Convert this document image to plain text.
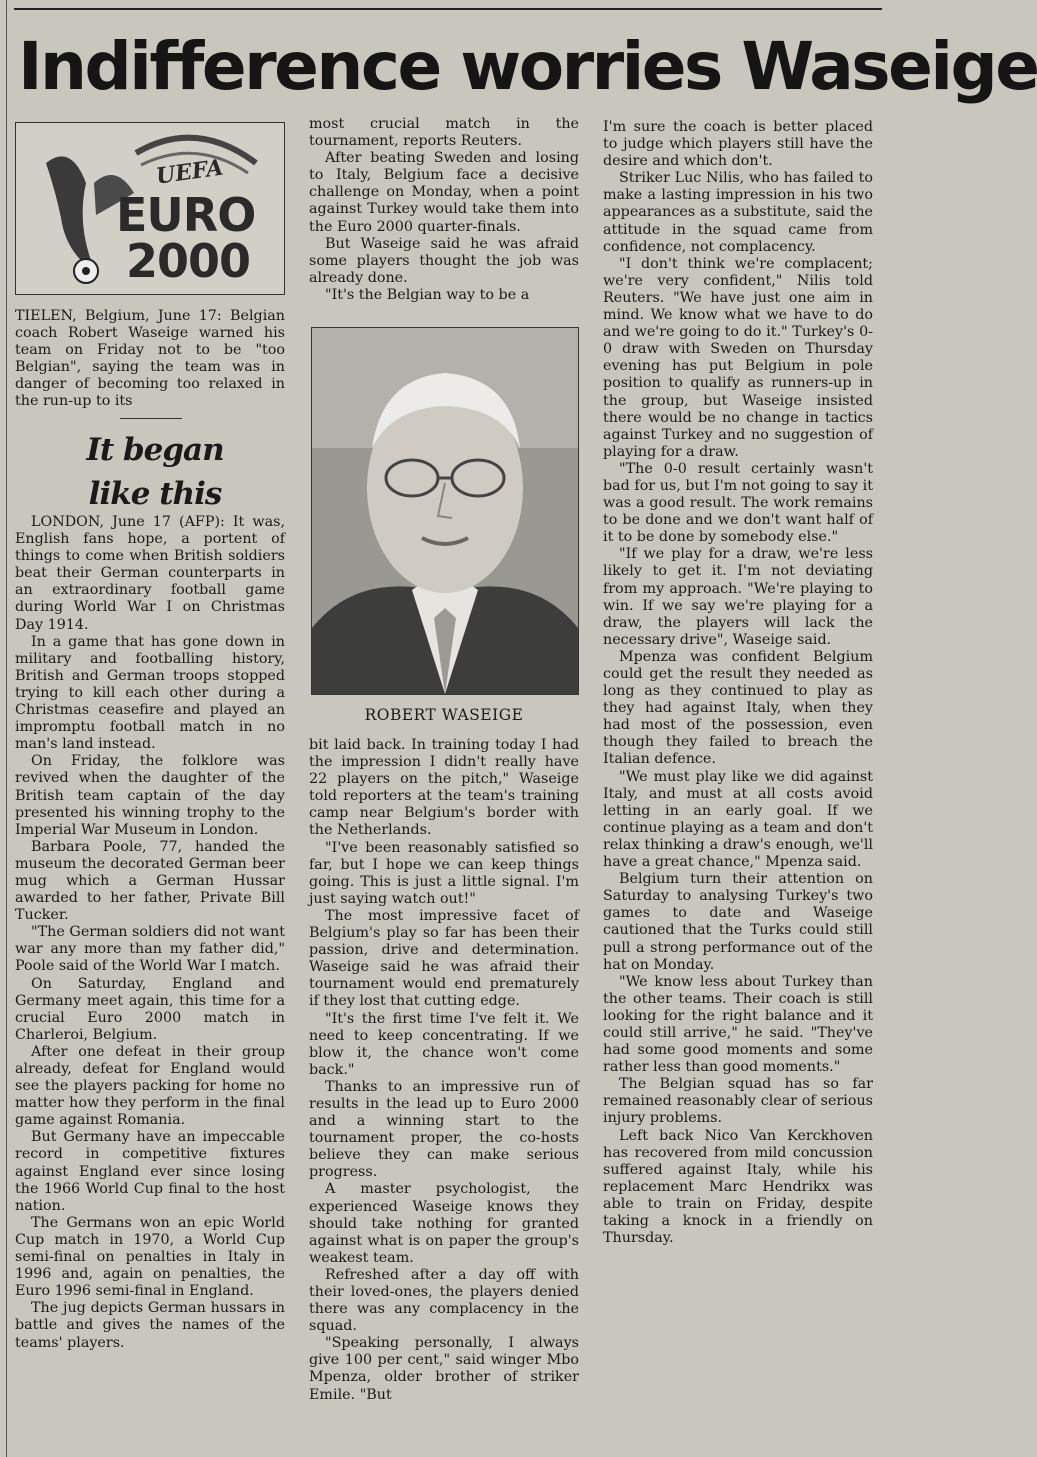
Indifference worries Waseige
UEFA
EURO
2000

TIELEN, Belgium, June 17: Belgian coach Robert Waseige warned his team on Friday not to be "too Belgian", saying the team was in danger of becoming too relaxed in the run-up to its

It began
like this

LONDON, June 17 (AFP): It was, English fans hope, a portent of things to come when British soldiers beat their German counterparts in an extraordinary football game during World War I on Christmas Day 1914.

In a game that has gone down in military and footballing history, British and German troops stopped trying to kill each other during a Christmas ceasefire and played an impromptu football match in no man's land instead.

On Friday, the folklore was revived when the daughter of the British team captain of the day presented his winning trophy to the Imperial War Museum in London.

Barbara Poole, 77, handed the museum the decorated German beer mug which a German Hussar awarded to her father, Private Bill Tucker.

"The German soldiers did not want war any more than my father did," Poole said of the World War I match.

On Saturday, England and Germany meet again, this time for a crucial Euro 2000 match in Charleroi, Belgium.

After one defeat in their group already, defeat for England would see the players packing for home no matter how they perform in the final game against Romania.

But Germany have an impeccable record in competitive fixtures against England ever since losing the 1966 World Cup final to the host nation.

The Germans won an epic World Cup match in 1970, a World Cup semi-final on penalties in Italy in 1996 and, again on penalties, the Euro 1996 semi-final in England.

The jug depicts German hussars in battle and gives the names of the teams' players.

most crucial match in the tournament, reports Reuters.

After beating Sweden and losing to Italy, Belgium face a decisive challenge on Monday, when a point against Turkey would take them into the Euro 2000 quarter-finals.

But Waseige said he was afraid some players thought the job was already done.

"It's the Belgian way to be a

ROBERT WASEIGE

bit laid back. In training today I had the impression I didn't really have 22 players on the pitch," Waseige told reporters at the team's training camp near Belgium's border with the Netherlands.

"I've been reasonably satisfied so far, but I hope we can keep things going. This is just a little signal. I'm just saying watch out!"

The most impressive facet of Belgium's play so far has been their passion, drive and determination. Waseige said he was afraid their tournament would end prematurely if they lost that cutting edge.

"It's the first time I've felt it. We need to keep concentrating. If we blow it, the chance won't come back."

Thanks to an impressive run of results in the lead up to Euro 2000 and a winning start to the tournament proper, the co-hosts believe they can make serious progress.

A master psychologist, the experienced Waseige knows they should take nothing for granted against what is on paper the group's weakest team.

Refreshed after a day off with their loved-ones, the players denied there was any complacency in the squad.

"Speaking personally, I always give 100 per cent," said winger Mbo Mpenza, older brother of striker Emile. "But

I'm sure the coach is better placed to judge which players still have the desire and which don't.

Striker Luc Nilis, who has failed to make a lasting impression in his two appearances as a substitute, said the attitude in the squad came from confidence, not complacency.

"I don't think we're complacent; we're very confident," Nilis told Reuters. "We have just one aim in mind. We know what we have to do and we're going to do it." Turkey's 0-0 draw with Sweden on Thursday evening has put Belgium in pole position to qualify as runners-up in the group, but Waseige insisted there would be no change in tactics against Turkey and no suggestion of playing for a draw.

"The 0-0 result certainly wasn't bad for us, but I'm not going to say it was a good result. The work remains to be done and we don't want half of it to be done by somebody else."

"If we play for a draw, we're less likely to get it. I'm not deviating from my approach. "We're playing to win. If we say we're playing for a draw, the players will lack the necessary drive", Waseige said.

Mpenza was confident Belgium could get the result they needed as long as they continued to play as they had against Italy, when they had most of the possession, even though they failed to breach the Italian defence.

"We must play like we did against Italy, and must at all costs avoid letting in an early goal. If we continue playing as a team and don't relax thinking a draw's enough, we'll have a great chance," Mpenza said.

Belgium turn their attention on Saturday to analysing Turkey's two games to date and Waseige cautioned that the Turks could still pull a strong performance out of the hat on Monday.

"We know less about Turkey than the other teams. Their coach is still looking for the right balance and it could still arrive," he said. "They've had some good moments and some rather less than good moments."

The Belgian squad has so far remained reasonably clear of serious injury problems.

Left back Nico Van Kerckhoven has recovered from mild concussion suffered against Italy, while his replacement Marc Hendrikx was able to train on Friday, despite taking a knock in a friendly on Thursday.
